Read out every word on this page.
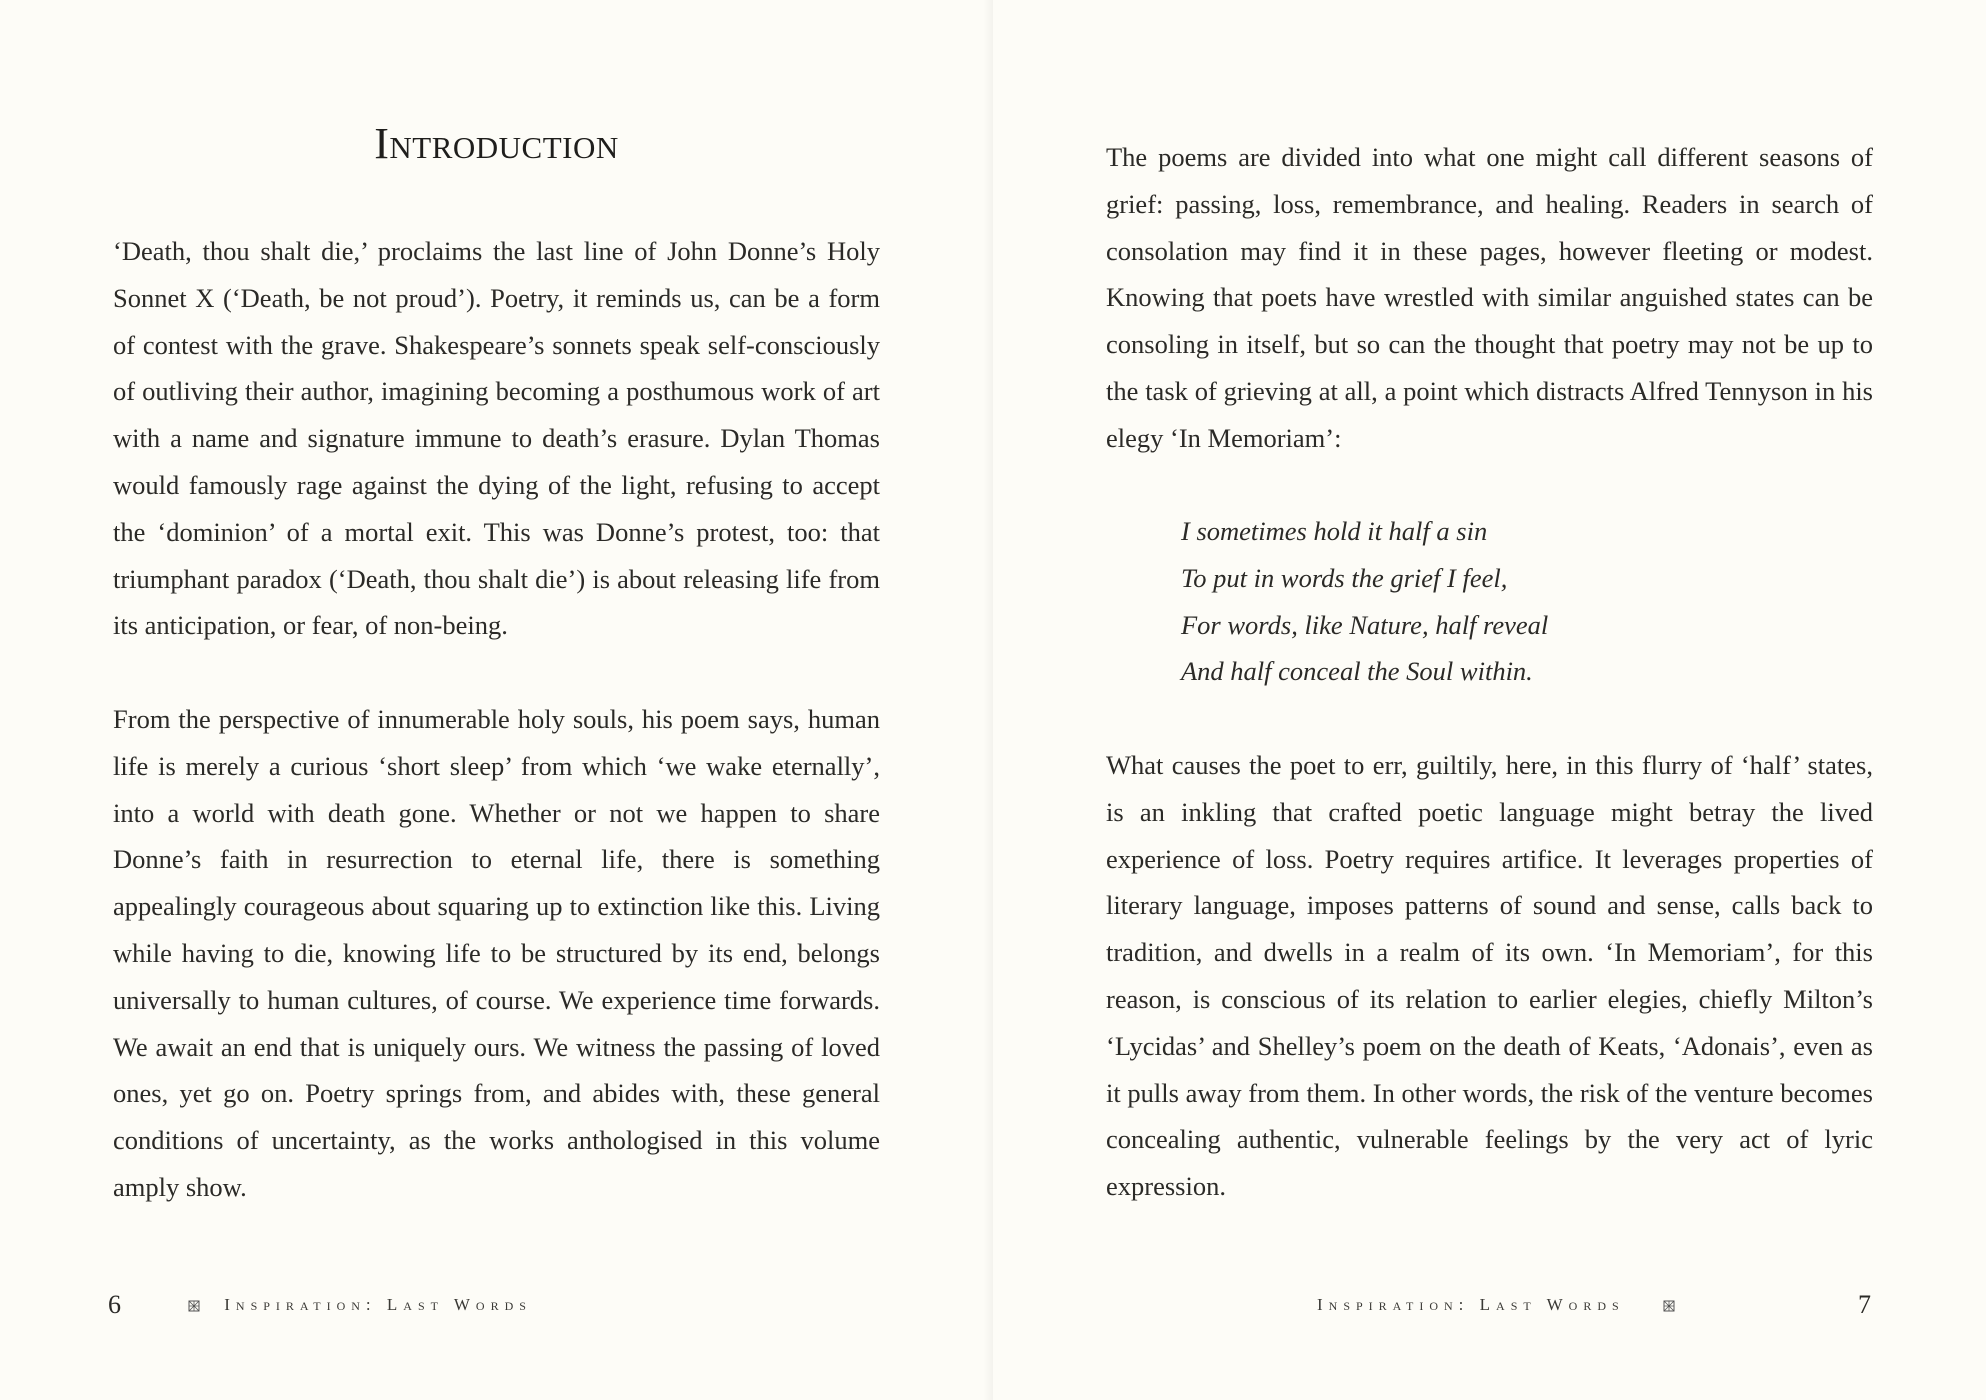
Introduction

‘Death, thou shalt die,’ proclaims the last line of John Donne’s Holy Sonnet X (‘Death, be not proud’). Poetry, it reminds us, can be a form of contest with the grave. Shakespeare’s sonnets speak self-consciously of outliving their author, imagining becoming a posthumous work of art with a name and signature immune to death’s erasure. Dylan Thomas would famously rage against the dying of the light, refusing to accept the ‘dominion’ of a mortal exit. This was Donne’s protest, too: that triumphant paradox (‘Death, thou shalt die’) is about releasing life from its anticipation, or fear, of non-being.

From the perspective of innumerable holy souls, his poem says, human life is merely a curious ‘short sleep’ from which ‘we wake eternally’, into a world with death gone. Whether or not we happen to share Donne’s faith in resurrection to eternal life, there is something appealingly courageous about squaring up to extinction like this. Living while having to die, knowing life to be structured by its end, belongs universally to human cultures, of course. We experience time forwards. We await an end that is uniquely ours. We witness the passing of loved ones, yet go on. Poetry springs from, and abides with, these general conditions of uncertainty, as the works anthologised in this volume amply show.

6	Inspiration: Last Words

The poems are divided into what one might call different seasons of grief: passing, loss, remembrance, and healing. Readers in search of consolation may find it in these pages, however fleeting or modest. Knowing that poets have wrestled with similar anguished states can be consoling in itself, but so can the thought that poetry may not be up to the task of grieving at all, a point which distracts Alfred Tennyson in his elegy ‘In Memoriam’:

I sometimes hold it half a sin
To put in words the grief I feel,
For words, like Nature, half reveal
And half conceal the Soul within.

What causes the poet to err, guiltily, here, in this flurry of ‘half’ states, is an inkling that crafted poetic language might betray the lived experience of loss. Poetry requires artifice. It leverages properties of literary language, imposes patterns of sound and sense, calls back to tradition, and dwells in a realm of its own. ‘In Memoriam’, for this reason, is conscious of its relation to earlier elegies, chiefly Milton’s ‘Lycidas’ and Shelley’s poem on the death of Keats, ‘Adonais’, even as it pulls away from them. In other words, the risk of the venture becomes concealing authentic, vulnerable feelings by the very act of lyric expression.

Inspiration: Last Words	7
